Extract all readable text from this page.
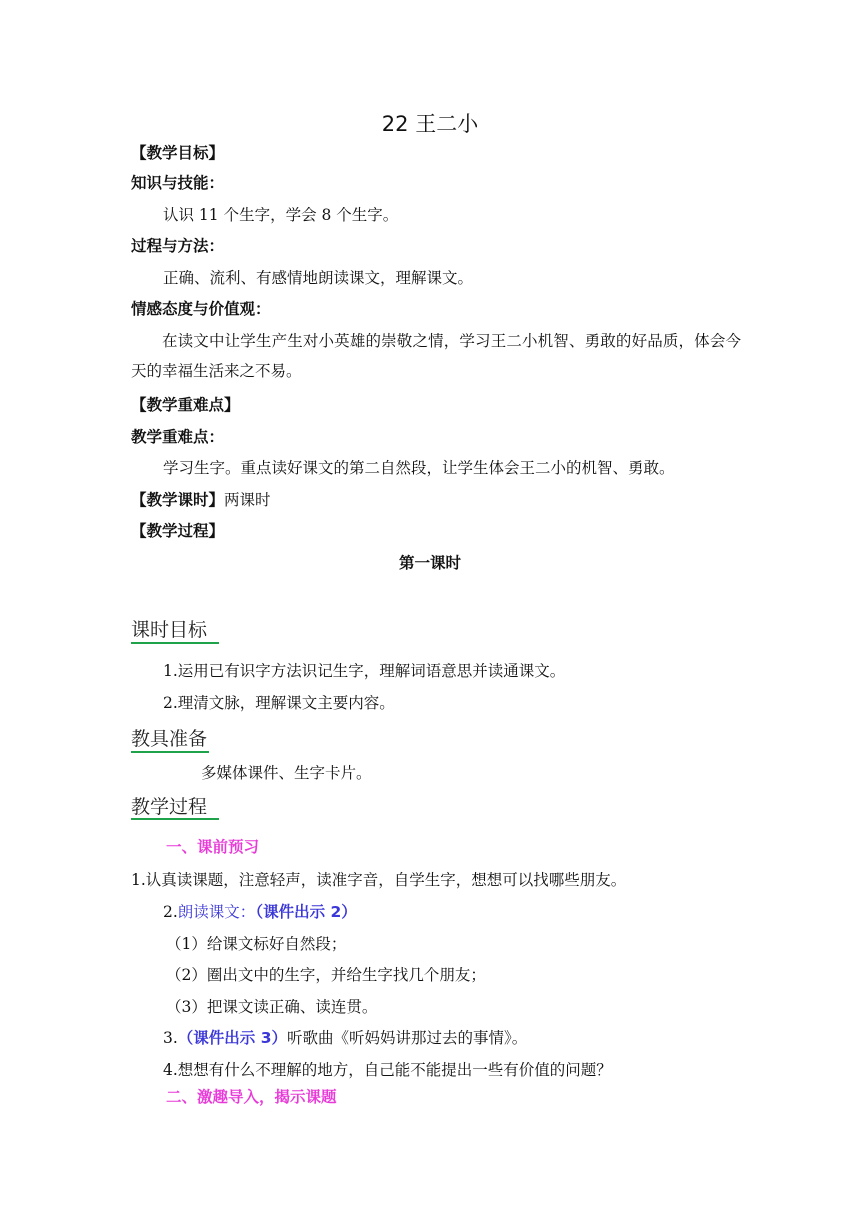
22 王二小
【教学目标】
知识与技能：
认识 11 个生字，学会 8 个生字。
过程与方法：
正确、流利、有感情地朗读课文，理解课文。
情感态度与价值观：
在读文中让学生产生对小英雄的崇敬之情，学习王二小机智、勇敢的好品质，体会今天的幸福生活来之不易。
【教学重难点】
教学重难点：
学习生字。重点读好课文的第二自然段，让学生体会王二小的机智、勇敢。
【教学课时】两课时
【教学过程】
第一课时
课时目标
1.运用已有识字方法识记生字，理解词语意思并读通课文。
2.理清文脉，理解课文主要内容。
教具准备
多媒体课件、生字卡片。
教学过程
一、课前预习
1.认真读课题，注意轻声，读准字音，自学生字，想想可以找哪些朋友。
2.朗读课文：（课件出示 2）
（1）给课文标好自然段；
（2）圈出文中的生字，并给生字找几个朋友；
（3）把课文读正确、读连贯。
3.（课件出示 3）听歌曲《听妈妈讲那过去的事情》。
4.想想有什么不理解的地方，自己能不能提出一些有价值的问题？
二、激趣导入，揭示课题
